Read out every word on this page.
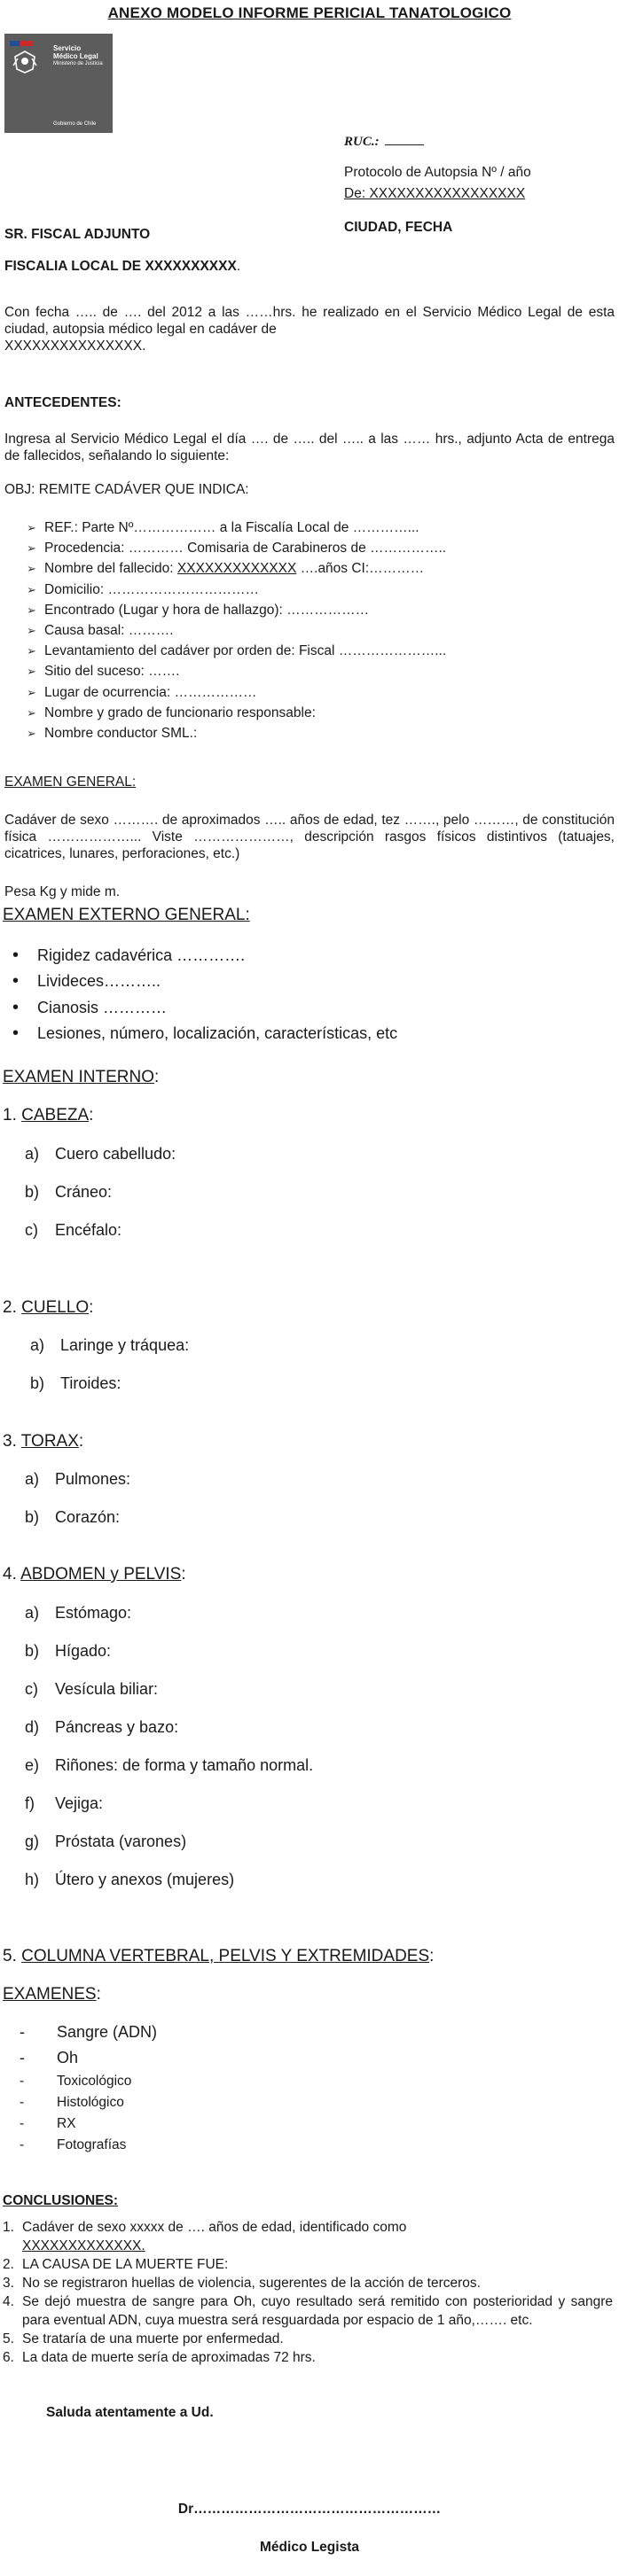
ANEXO MODELO INFORME PERICIAL TANATOLOGICO
Servicio
Médico Legal
Ministerio de Justicia
Gobierno de Chile
RUC.:
Protocolo de Autopsia Nº / año
De: XXXXXXXXXXXXXXXXX
CIUDAD, FECHA
SR. FISCAL ADJUNTO
FISCALIA LOCAL DE XXXXXXXXXX.
Con fecha ….. de …. del 2012 a las ……hrs. he realizado en el Servicio Médico Legal de esta ciudad, autopsia médico legal en cadáver de
XXXXXXXXXXXXXXX.
ANTECEDENTES:
Ingresa al Servicio Médico Legal el día …. de ….. del ….. a las …… hrs., adjunto Acta de entrega de fallecidos, señalando lo siguiente:
OBJ: REMITE CADÁVER QUE INDICA:
➢ REF.: Parte Nº……………… a la Fiscalía Local de …………...
➢ Procedencia: ………… Comisaria de Carabineros de ……………..
➢ Nombre del fallecido: XXXXXXXXXXXXX ….años CI:…………
➢ Domicilio: ……………………………
➢ Encontrado (Lugar y hora de hallazgo): ………………
➢ Causa basal: ……….
➢ Levantamiento del cadáver por orden de: Fiscal …………………...
➢ Sitio del suceso: …….
➢ Lugar de ocurrencia: ………………
➢ Nombre y grado de funcionario responsable:
➢ Nombre conductor SML.:
EXAMEN GENERAL:
Cadáver de sexo ………. de aproximados ….. años de edad, tez ……., pelo ………, de constitución física ………………... Viste …………………, descripción rasgos físicos distintivos (tatuajes, cicatrices, lunares, perforaciones, etc.)
Pesa Kg y mide m.
EXAMEN EXTERNO GENERAL:
• Rigidez cadavérica ………….
• Livideces………..
• Cianosis …………
• Lesiones, número, localización, características, etc
EXAMEN INTERNO:
1. CABEZA:
a) Cuero cabelludo:
b) Cráneo:
c) Encéfalo:
2. CUELLO:
a) Laringe y tráquea:
b) Tiroides:
3. TORAX:
a) Pulmones:
b) Corazón:
4. ABDOMEN y PELVIS:
a) Estómago:
b) Hígado:
c) Vesícula biliar:
d) Páncreas y bazo:
e) Riñones: de forma y tamaño normal.
f) Vejiga:
g) Próstata (varones)
h) Útero y anexos (mujeres)
5. COLUMNA VERTEBRAL, PELVIS Y EXTREMIDADES:
EXAMENES:
- Sangre (ADN)
- Oh
- Toxicológico
- Histológico
- RX
- Fotografías
CONCLUSIONES:
1. Cadáver de sexo xxxxx de …. años de edad, identificado como
XXXXXXXXXXXXX.
2. LA CAUSA DE LA MUERTE FUE:
3. No se registraron huellas de violencia, sugerentes de la acción de terceros.
4. Se dejó muestra de sangre para Oh, cuyo resultado será remitido con posterioridad y sangre para eventual ADN, cuya muestra será resguardada por espacio de 1 año,……. etc.
5. Se trataría de una muerte por enfermedad.
6. La data de muerte sería de aproximadas 72 hrs.
Saluda atentamente a Ud.
Dr………………………………………………
Médico Legista
